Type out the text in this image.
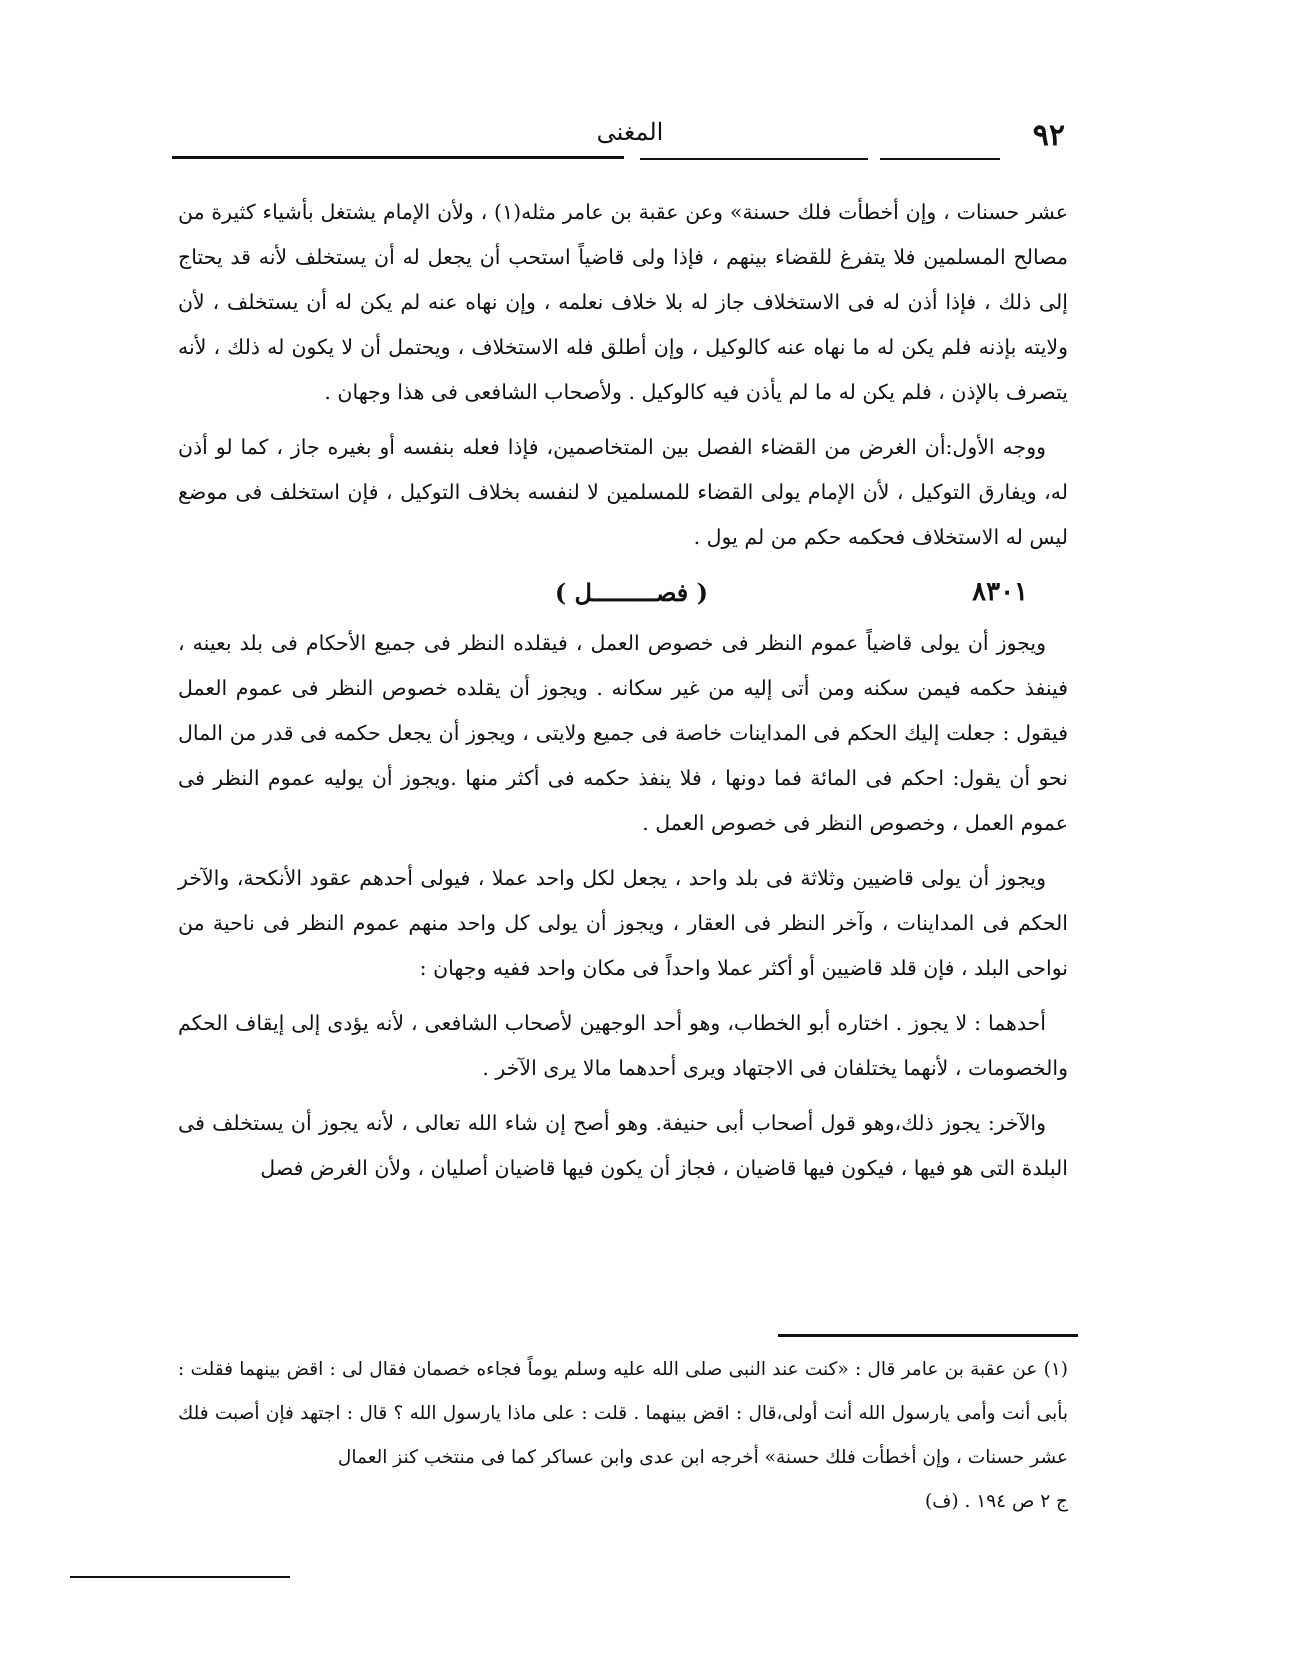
٩٢
المغنى

عشر حسنات ، وإن أخطأت فلك حسنة» وعن عقبة بن عامر مثله(١) ، ولأن الإمام يشتغل بأشياء كثيرة من مصالح المسلمين فلا يتفرغ للقضاء بينهم ، فإذا ولى قاضياً استحب أن يجعل له أن يستخلف لأنه قد يحتاج إلى ذلك ، فإذا أذن له فى الاستخلاف جاز له بلا خلاف نعلمه ، وإن نهاه عنه لم يكن له أن يستخلف ، لأن ولايته بإذنه فلم يكن له ما نهاه عنه كالوكيل ، وإن أطلق فله الاستخلاف ، ويحتمل أن لا يكون له ذلك ، لأنه يتصرف بالإذن ، فلم يكن له ما لم يأذن فيه كالوكيل . ولأصحاب الشافعى فى هذا وجهان .

ووجه الأول:أن الغرض من القضاء الفصل بين المتخاصمين، فإذا فعله بنفسه أو بغيره جاز ، كما لو أذن له، ويفارق التوكيل ، لأن الإمام يولى القضاء للمسلمين لا لنفسه بخلاف التوكيل ، فإن استخلف فى موضع ليس له الاستخلاف فحكمه حكم من لم يول .

٨٣٠١
( فصـــــــــل )

ويجوز أن يولى قاضياً عموم النظر فى خصوص العمل ، فيقلده النظر فى جميع الأحكام فى بلد بعينه ، فينفذ حكمه فيمن سكنه ومن أتى إليه من غير سكانه . ويجوز أن يقلده خصوص النظر فى عموم العمل فيقول : جعلت إليك الحكم فى المداينات خاصة فى جميع ولايتى ، ويجوز أن يجعل حكمه فى قدر من المال نحو أن يقول: احكم فى المائة فما دونها ، فلا ينفذ حكمه فى أكثر منها .ويجوز أن يوليه عموم النظر فى عموم العمل ، وخصوص النظر فى خصوص العمل .

ويجوز أن يولى قاضيين وثلاثة فى بلد واحد ، يجعل لكل واحد عملا ، فيولى أحدهم عقود الأنكحة، والآخر الحكم فى المداينات ، وآخر النظر فى العقار ، ويجوز أن يولى كل واحد منهم عموم النظر فى ناحية من نواحى البلد ، فإن قلد قاضيين أو أكثر عملا واحداً فى مكان واحد ففيه وجهان :

أحدهما : لا يجوز . اختاره أبو الخطاب، وهو أحد الوجهين لأصحاب الشافعى ، لأنه يؤدى إلى إيقاف الحكم والخصومات ، لأنهما يختلفان فى الاجتهاد ويرى أحدهما مالا يرى الآخر .

والآخر: يجوز ذلك،وهو قول أصحاب أبى حنيفة. وهو أصح إن شاء الله تعالى ، لأنه يجوز أن يستخلف فى البلدة التى هو فيها ، فيكون فيها قاضيان ، فجاز أن يكون فيها قاضيان أصليان ، ولأن الغرض فصل

(١) عن عقبة بن عامر قال : «كنت عند النبى صلى الله عليه وسلم يوماً فجاءه خصمان فقال لى : اقض بينهما فقلت : بأبى أنت وأمى يارسول الله أنت أولى،قال : اقض بينهما . قلت : على ماذا يارسول الله ؟ قال : اجتهد فإن أصبت فلك عشر حسنات ، وإن أخطأت فلك حسنة» أخرجه ابن عدى وابن عساكر كما فى منتخب كنز العمال

ج ٢ ص ١٩٤ . (ف)
